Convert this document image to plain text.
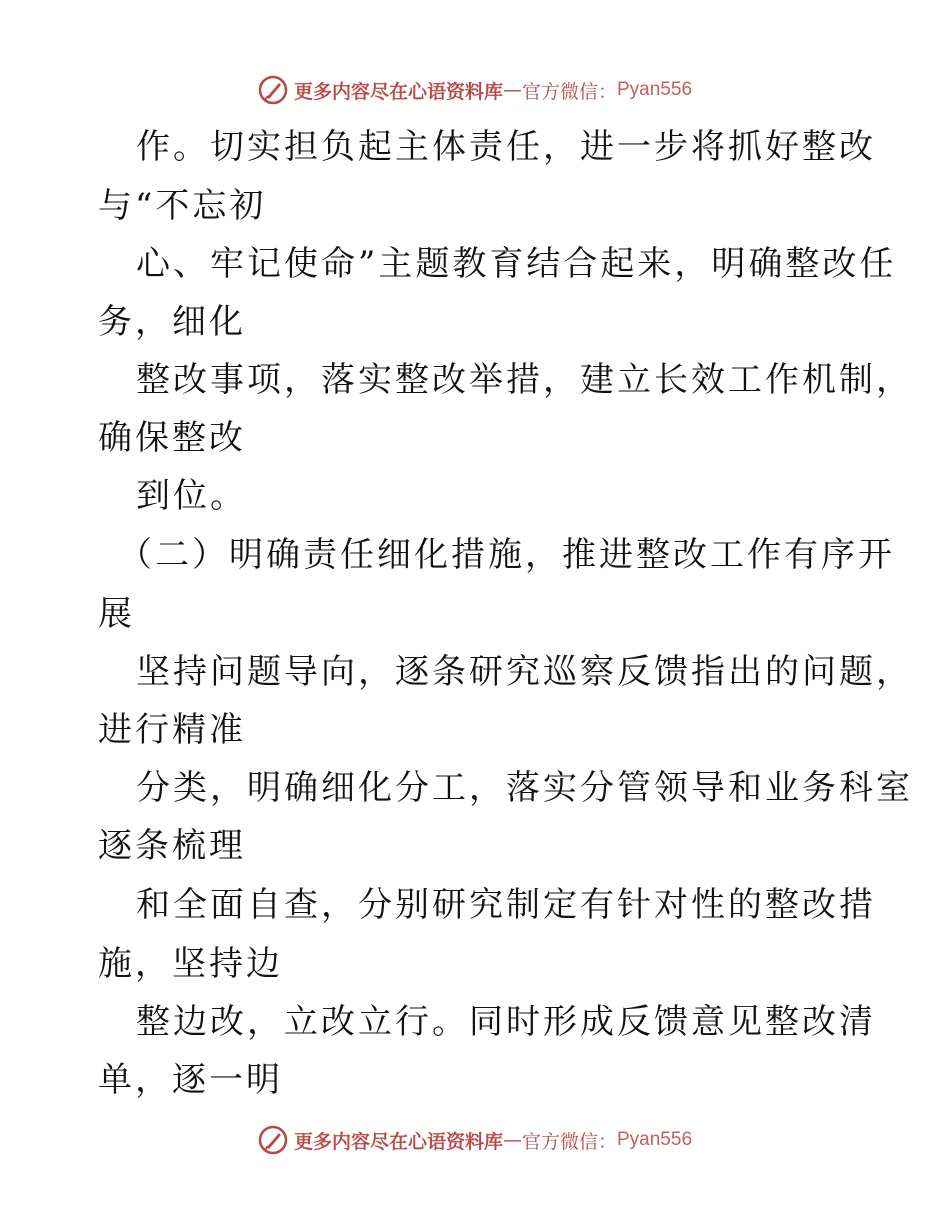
更多内容尽在心语资料库 — 官方微信： Pyan556
作。切实担负起主体责任，进一步将抓好整改
与“不忘初
心、牢记使命”主题教育结合起来，明确整改任
务，细化
整改事项，落实整改举措，建立长效工作机制，
确保整改
到位。
（二）明确责任细化措施，推进整改工作有序开
展
坚持问题导向，逐条研究巡察反馈指出的问题，
进行精准
分类，明确细化分工，落实分管领导和业务科室
逐条梳理
和全面自查，分别研究制定有针对性的整改措
施，坚持边
整边改，立改立行。同时形成反馈意见整改清
单，逐一明
更多内容尽在心语资料库 — 官方微信： Pyan556
